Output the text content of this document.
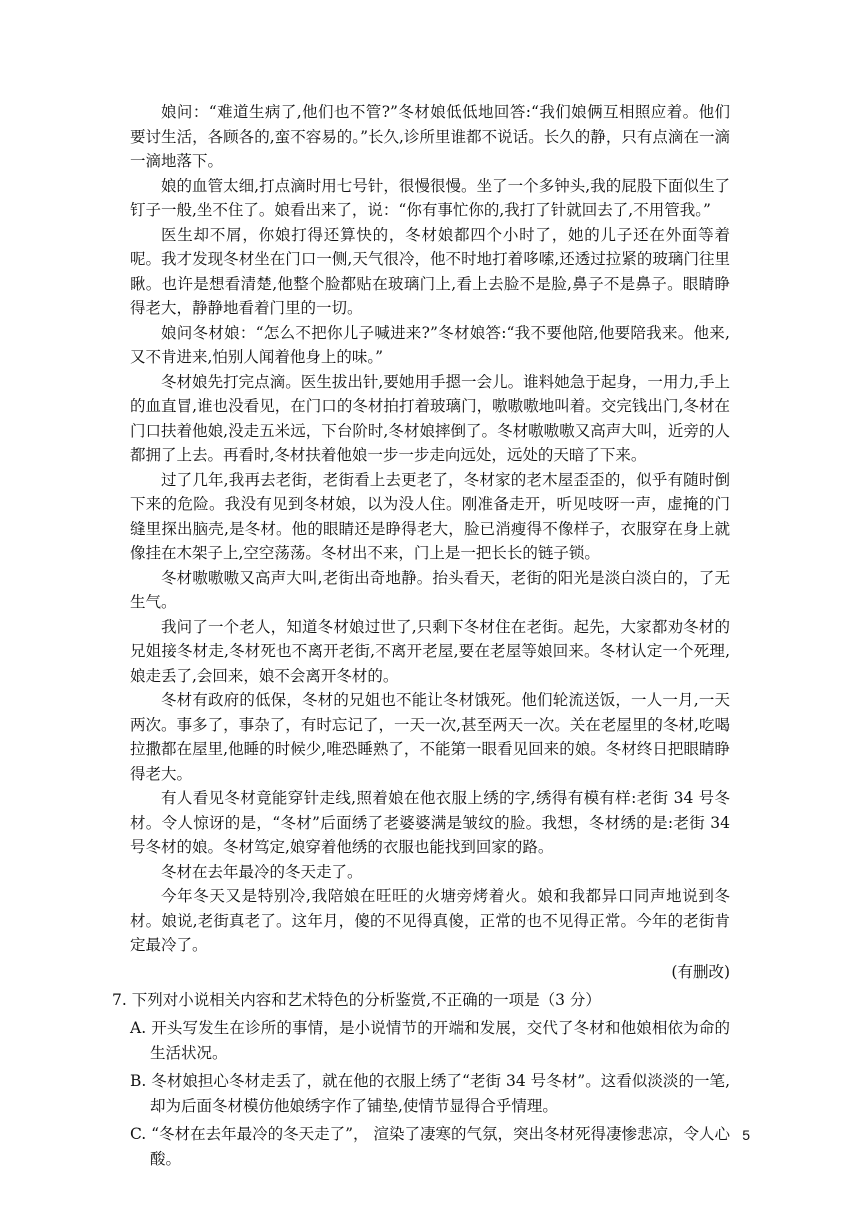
娘问：“难道生病了,他们也不管?”冬材娘低低地回答:“我们娘俩互相照应着。他们要讨生活，各顾各的,蛮不容易的。”长久,诊所里谁都不说话。长久的静，只有点滴在一滴一滴地落下。

娘的血管太细,打点滴时用七号针，很慢很慢。坐了一个多钟头,我的屁股下面似生了钉子一般,坐不住了。娘看出来了，说：“你有事忙你的,我打了针就回去了,不用管我。”

医生却不屑，你娘打得还算快的，冬材娘都四个小时了，她的儿子还在外面等着呢。我才发现冬材坐在门口一侧,天气很冷，他不时地打着哆嗦,还透过拉紧的玻璃门往里瞅。也许是想看清楚,他整个脸都贴在玻璃门上,看上去脸不是脸,鼻子不是鼻子。眼睛睁得老大，静静地看着门里的一切。

娘问冬材娘：“怎么不把你儿子喊进来?”冬材娘答:“我不要他陪,他要陪我来。他来,又不肯进来,怕别人闻着他身上的味。”

冬材娘先打完点滴。医生拔出针,要她用手摁一会儿。谁料她急于起身，一用力,手上的血直冒,谁也没看见，在门口的冬材拍打着玻璃门，嗷嗷嗷地叫着。交完钱出门,冬材在门口扶着他娘,没走五米远，下台阶时,冬材娘摔倒了。冬材嗷嗷嗷又高声大叫，近旁的人都拥了上去。再看时,冬材扶着他娘一步一步走向远处，远处的天暗了下来。

过了几年,我再去老街，老街看上去更老了，冬材家的老木屋歪歪的，似乎有随时倒下来的危险。我没有见到冬材娘，以为没人住。刚准备走开，听见吱呀一声，虚掩的门缝里探出脑壳,是冬材。他的眼睛还是睁得老大，脸已消瘦得不像样子，衣服穿在身上就像挂在木架子上,空空荡荡。冬材出不来，门上是一把长长的链子锁。

冬材嗷嗷嗷又高声大叫,老街出奇地静。抬头看天，老街的阳光是淡白淡白的，了无生气。

我问了一个老人，知道冬材娘过世了,只剩下冬材住在老街。起先，大家都劝冬材的兄姐接冬材走,冬材死也不离开老街,不离开老屋,要在老屋等娘回来。冬材认定一个死理,娘走丢了,会回来，娘不会离开冬材的。

冬材有政府的低保，冬材的兄姐也不能让冬材饿死。他们轮流送饭，一人一月,一天两次。事多了，事杂了，有时忘记了，一天一次,甚至两天一次。关在老屋里的冬材,吃喝拉撒都在屋里,他睡的时候少,唯恐睡熟了，不能第一眼看见回来的娘。冬材终日把眼睛睁得老大。

有人看见冬材竟能穿针走线,照着娘在他衣服上绣的字,绣得有模有样:老街 34 号冬材。令人惊讶的是，“冬材”后面绣了老婆婆满是皱纹的脸。我想，冬材绣的是:老街 34 号冬材的娘。冬材笃定,娘穿着他绣的衣服也能找到回家的路。

冬材在去年最冷的冬天走了。

今年冬天又是特别冷,我陪娘在旺旺的火塘旁烤着火。娘和我都异口同声地说到冬材。娘说,老街真老了。这年月，傻的不见得真傻，正常的也不见得正常。今年的老街肯定最冷了。

(有删改)

7. 下列对小说相关内容和艺术特色的分析鉴赏,不正确的一项是（3 分）

A. 开头写发生在诊所的事情，是小说情节的开端和发展，交代了冬材和他娘相依为命的生活状况。

B. 冬材娘担心冬材走丢了，就在他的衣服上绣了“老街 34 号冬材”。这看似淡淡的一笔,却为后面冬材模仿他娘绣字作了铺垫,使情节显得合乎情理。

C. “冬材在去年最冷的冬天走了”， 渲染了凄寒的气氛，突出冬材死得凄惨悲凉，令人心酸。

5
